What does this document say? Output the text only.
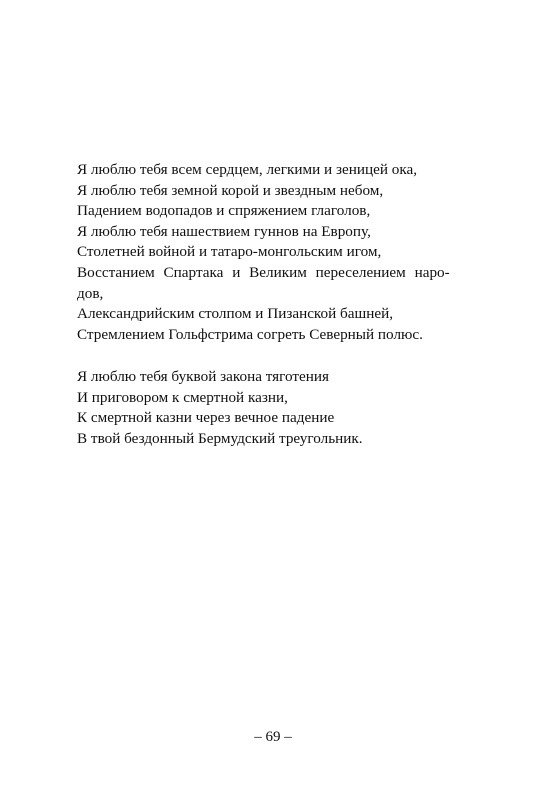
Я люблю тебя всем сердцем, легкими и зеницей ока,
Я люблю тебя земной корой и звездным небом,
Падением водопадов и спряжением глаголов,
Я люблю тебя нашествием гуннов на Европу,
Столетней войной и татаро-монгольским игом,
Восстанием Спартака и Великим переселением наро-
дов,
Александрийским столпом и Пизанской башней,
Стремлением Гольфстрима согреть Северный полюс.
Я люблю тебя буквой закона тяготения
И приговором к смертной казни,
К смертной казни через вечное падение
В твой бездонный Бермудский треугольник.
– 69 –
